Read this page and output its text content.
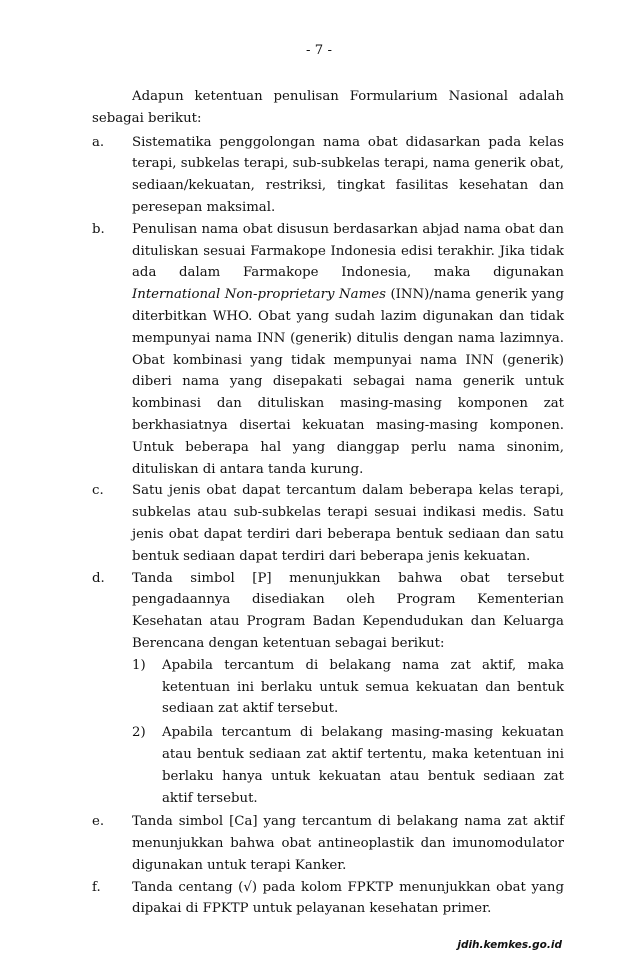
- 7 -

Adapun ketentuan penulisan Formularium Nasional adalah sebagai berikut:

a.	Sistematika penggolongan nama obat didasarkan pada kelas terapi, subkelas terapi, sub-subkelas terapi, nama generik obat, sediaan/kekuatan, restriksi, tingkat fasilitas kesehatan dan peresepan maksimal.

b.	Penulisan nama obat disusun berdasarkan abjad nama obat dan dituliskan sesuai Farmakope Indonesia edisi terakhir. Jika tidak ada dalam Farmakope Indonesia, maka digunakan International Non-proprietary Names (INN)/nama generik yang diterbitkan WHO. Obat yang sudah lazim digunakan dan tidak mempunyai nama INN (generik) ditulis dengan nama lazimnya. Obat kombinasi yang tidak mempunyai nama INN (generik) diberi nama yang disepakati sebagai nama generik untuk kombinasi dan dituliskan masing-masing komponen zat berkhasiatnya disertai kekuatan masing-masing komponen. Untuk beberapa hal yang dianggap perlu nama sinonim, dituliskan di antara tanda kurung.

c.	Satu jenis obat dapat tercantum dalam beberapa kelas terapi, subkelas atau sub-subkelas terapi sesuai indikasi medis. Satu jenis obat dapat terdiri dari beberapa bentuk sediaan dan satu bentuk sediaan dapat terdiri dari beberapa jenis kekuatan.

d.	Tanda simbol [P] menunjukkan bahwa obat tersebut pengadaannya disediakan oleh Program Kementerian Kesehatan atau Program Badan Kependudukan dan Keluarga Berencana dengan ketentuan sebagai berikut:

1)	Apabila tercantum di belakang nama zat aktif, maka ketentuan ini berlaku untuk semua kekuatan dan bentuk sediaan zat aktif tersebut.
2)	Apabila tercantum di belakang masing-masing kekuatan atau bentuk sediaan zat aktif tertentu, maka ketentuan ini berlaku hanya untuk kekuatan atau bentuk sediaan zat aktif tersebut.
e.	Tanda simbol [Ca] yang tercantum di belakang nama zat aktif menunjukkan bahwa obat antineoplastik dan imunomodulator digunakan untuk terapi Kanker.

f.	Tanda centang (√) pada kolom FPKTP menunjukkan obat yang dipakai di FPKTP untuk pelayanan kesehatan primer.

jdih.kemkes.go.id
